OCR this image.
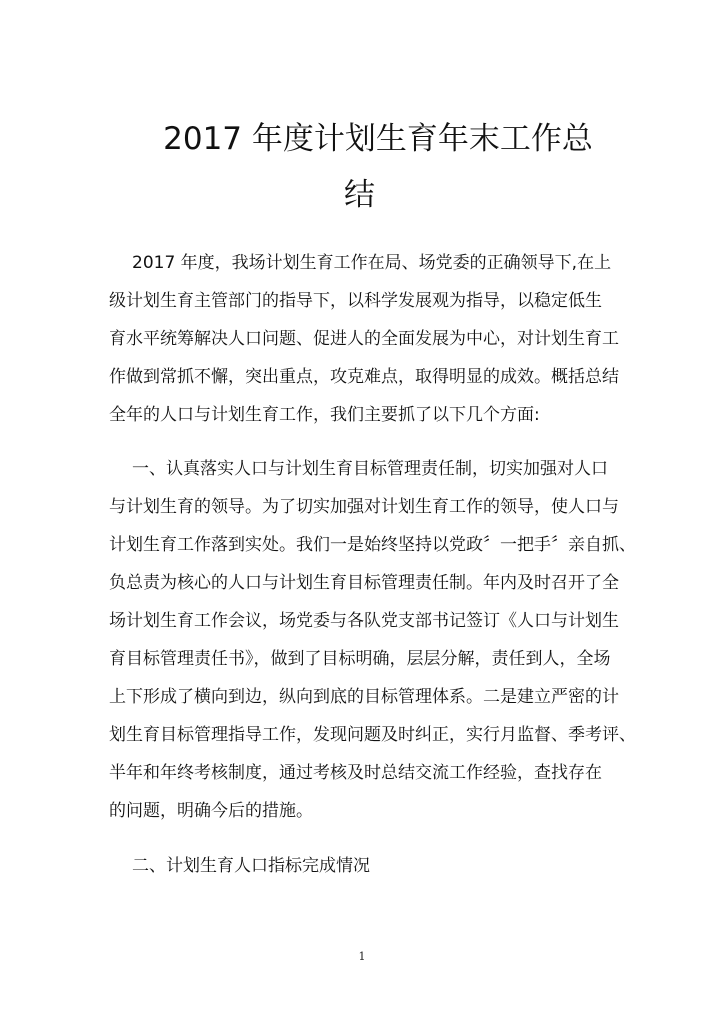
2017 年度计划生育年末工作总
结
2017 年度，我场计划生育工作在局、场党委的正确领导下,在上
级计划生育主管部门的指导下，以科学发展观为指导，以稳定低生
育水平统筹解决人口问题、促进人的全面发展为中心，对计划生育工
作做到常抓不懈，突出重点，攻克难点，取得明显的成效。概括总结
全年的人口与计划生育工作，我们主要抓了以下几个方面:
一、认真落实人口与计划生育目标管理责任制，切实加强对人口
与计划生育的领导。为了切实加强对计划生育工作的领导，使人口与
计划生育工作落到实处。我们一是始终坚持以党政〞一把手〞亲自抓、
负总责为核心的人口与计划生育目标管理责任制。年内及时召开了全
场计划生育工作会议，场党委与各队党支部书记签订《人口与计划生
育目标管理责任书》，做到了目标明确，层层分解，责任到人，全场
上下形成了横向到边，纵向到底的目标管理体系。二是建立严密的计
划生育目标管理指导工作，发现问题及时纠正，实行月监督、季考评、
半年和年终考核制度，通过考核及时总结交流工作经验，查找存在
的问题，明确今后的措施。
二、计划生育人口指标完成情况
1
